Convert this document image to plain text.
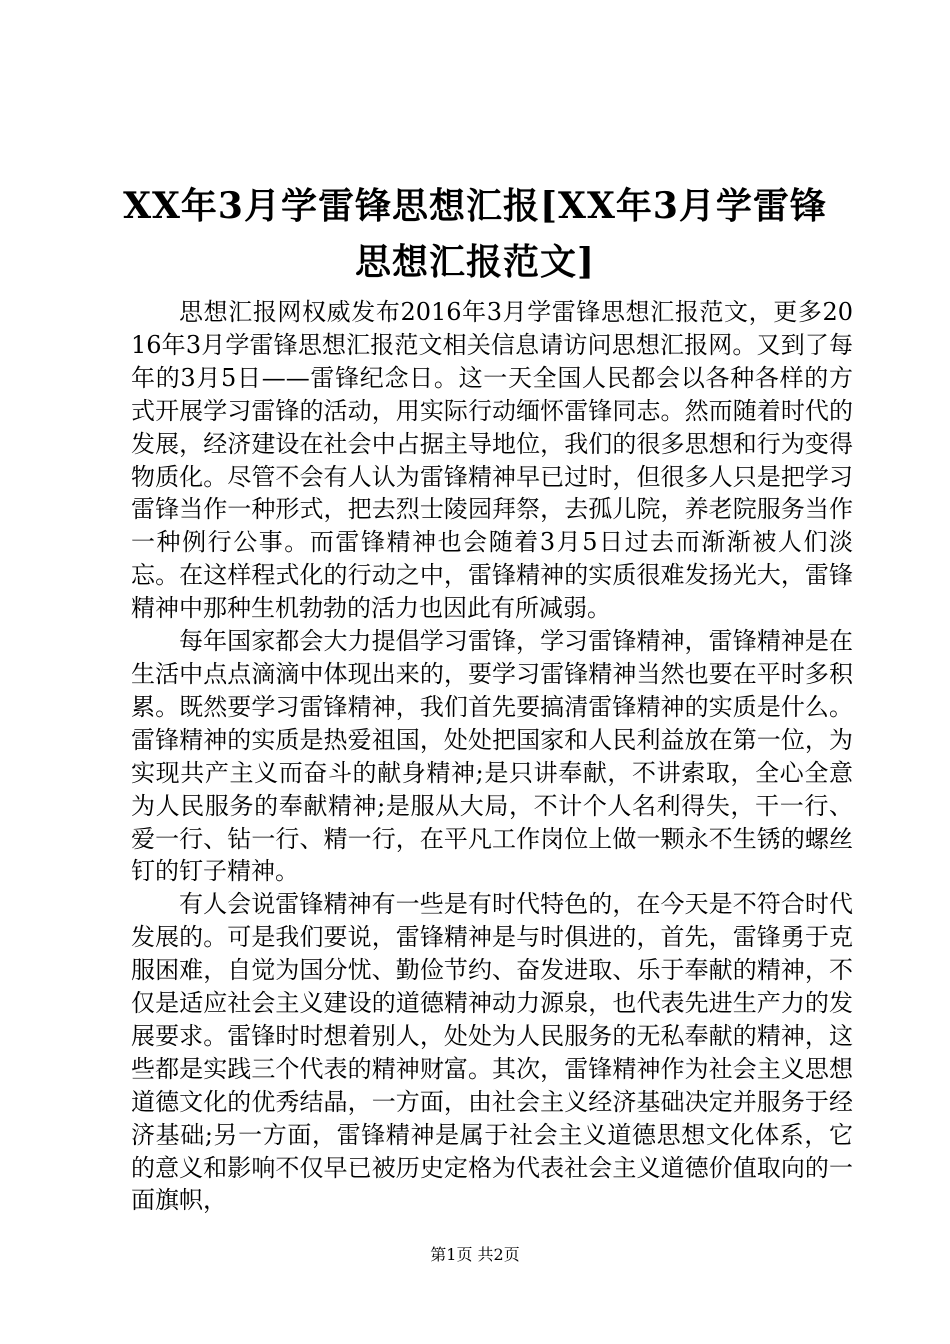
XX年3月学雷锋思想汇报[XX年3月学雷锋思想汇报范文]

思想汇报网权威发布2016年3月学雷锋思想汇报范文，更多2016年3月学雷锋思想汇报范文相关信息请访问思想汇报网。又到了每年的3月5日——雷锋纪念日。这一天全国人民都会以各种各样的方式开展学习雷锋的活动，用实际行动缅怀雷锋同志。然而随着时代的发展，经济建设在社会中占据主导地位，我们的很多思想和行为变得物质化。尽管不会有人认为雷锋精神早已过时，但很多人只是把学习雷锋当作一种形式，把去烈士陵园拜祭，去孤儿院，养老院服务当作一种例行公事。而雷锋精神也会随着3月5日过去而渐渐被人们淡忘。在这样程式化的行动之中，雷锋精神的实质很难发扬光大，雷锋精神中那种生机勃勃的活力也因此有所减弱。

每年国家都会大力提倡学习雷锋，学习雷锋精神，雷锋精神是在生活中点点滴滴中体现出来的，要学习雷锋精神当然也要在平时多积累。既然要学习雷锋精神，我们首先要搞清雷锋精神的实质是什么。雷锋精神的实质是热爱祖国，处处把国家和人民利益放在第一位，为实现共产主义而奋斗的献身精神;是只讲奉献，不讲索取，全心全意为人民服务的奉献精神;是服从大局，不计个人名利得失，干一行、爱一行、钻一行、精一行，在平凡工作岗位上做一颗永不生锈的螺丝钉的钉子精神。

有人会说雷锋精神有一些是有时代特色的，在今天是不符合时代发展的。可是我们要说，雷锋精神是与时俱进的，首先，雷锋勇于克服困难，自觉为国分忧、勤俭节约、奋发进取、乐于奉献的精神，不仅是适应社会主义建设的道德精神动力源泉，也代表先进生产力的发展要求。雷锋时时想着别人，处处为人民服务的无私奉献的精神，这些都是实践三个代表的精神财富。其次，雷锋精神作为社会主义思想道德文化的优秀结晶，一方面，由社会主义经济基础决定并服务于经济基础;另一方面，雷锋精神是属于社会主义道德思想文化体系，它的意义和影响不仅早已被历史定格为代表社会主义道德价值取向的一面旗帜，

第1页 共2页
